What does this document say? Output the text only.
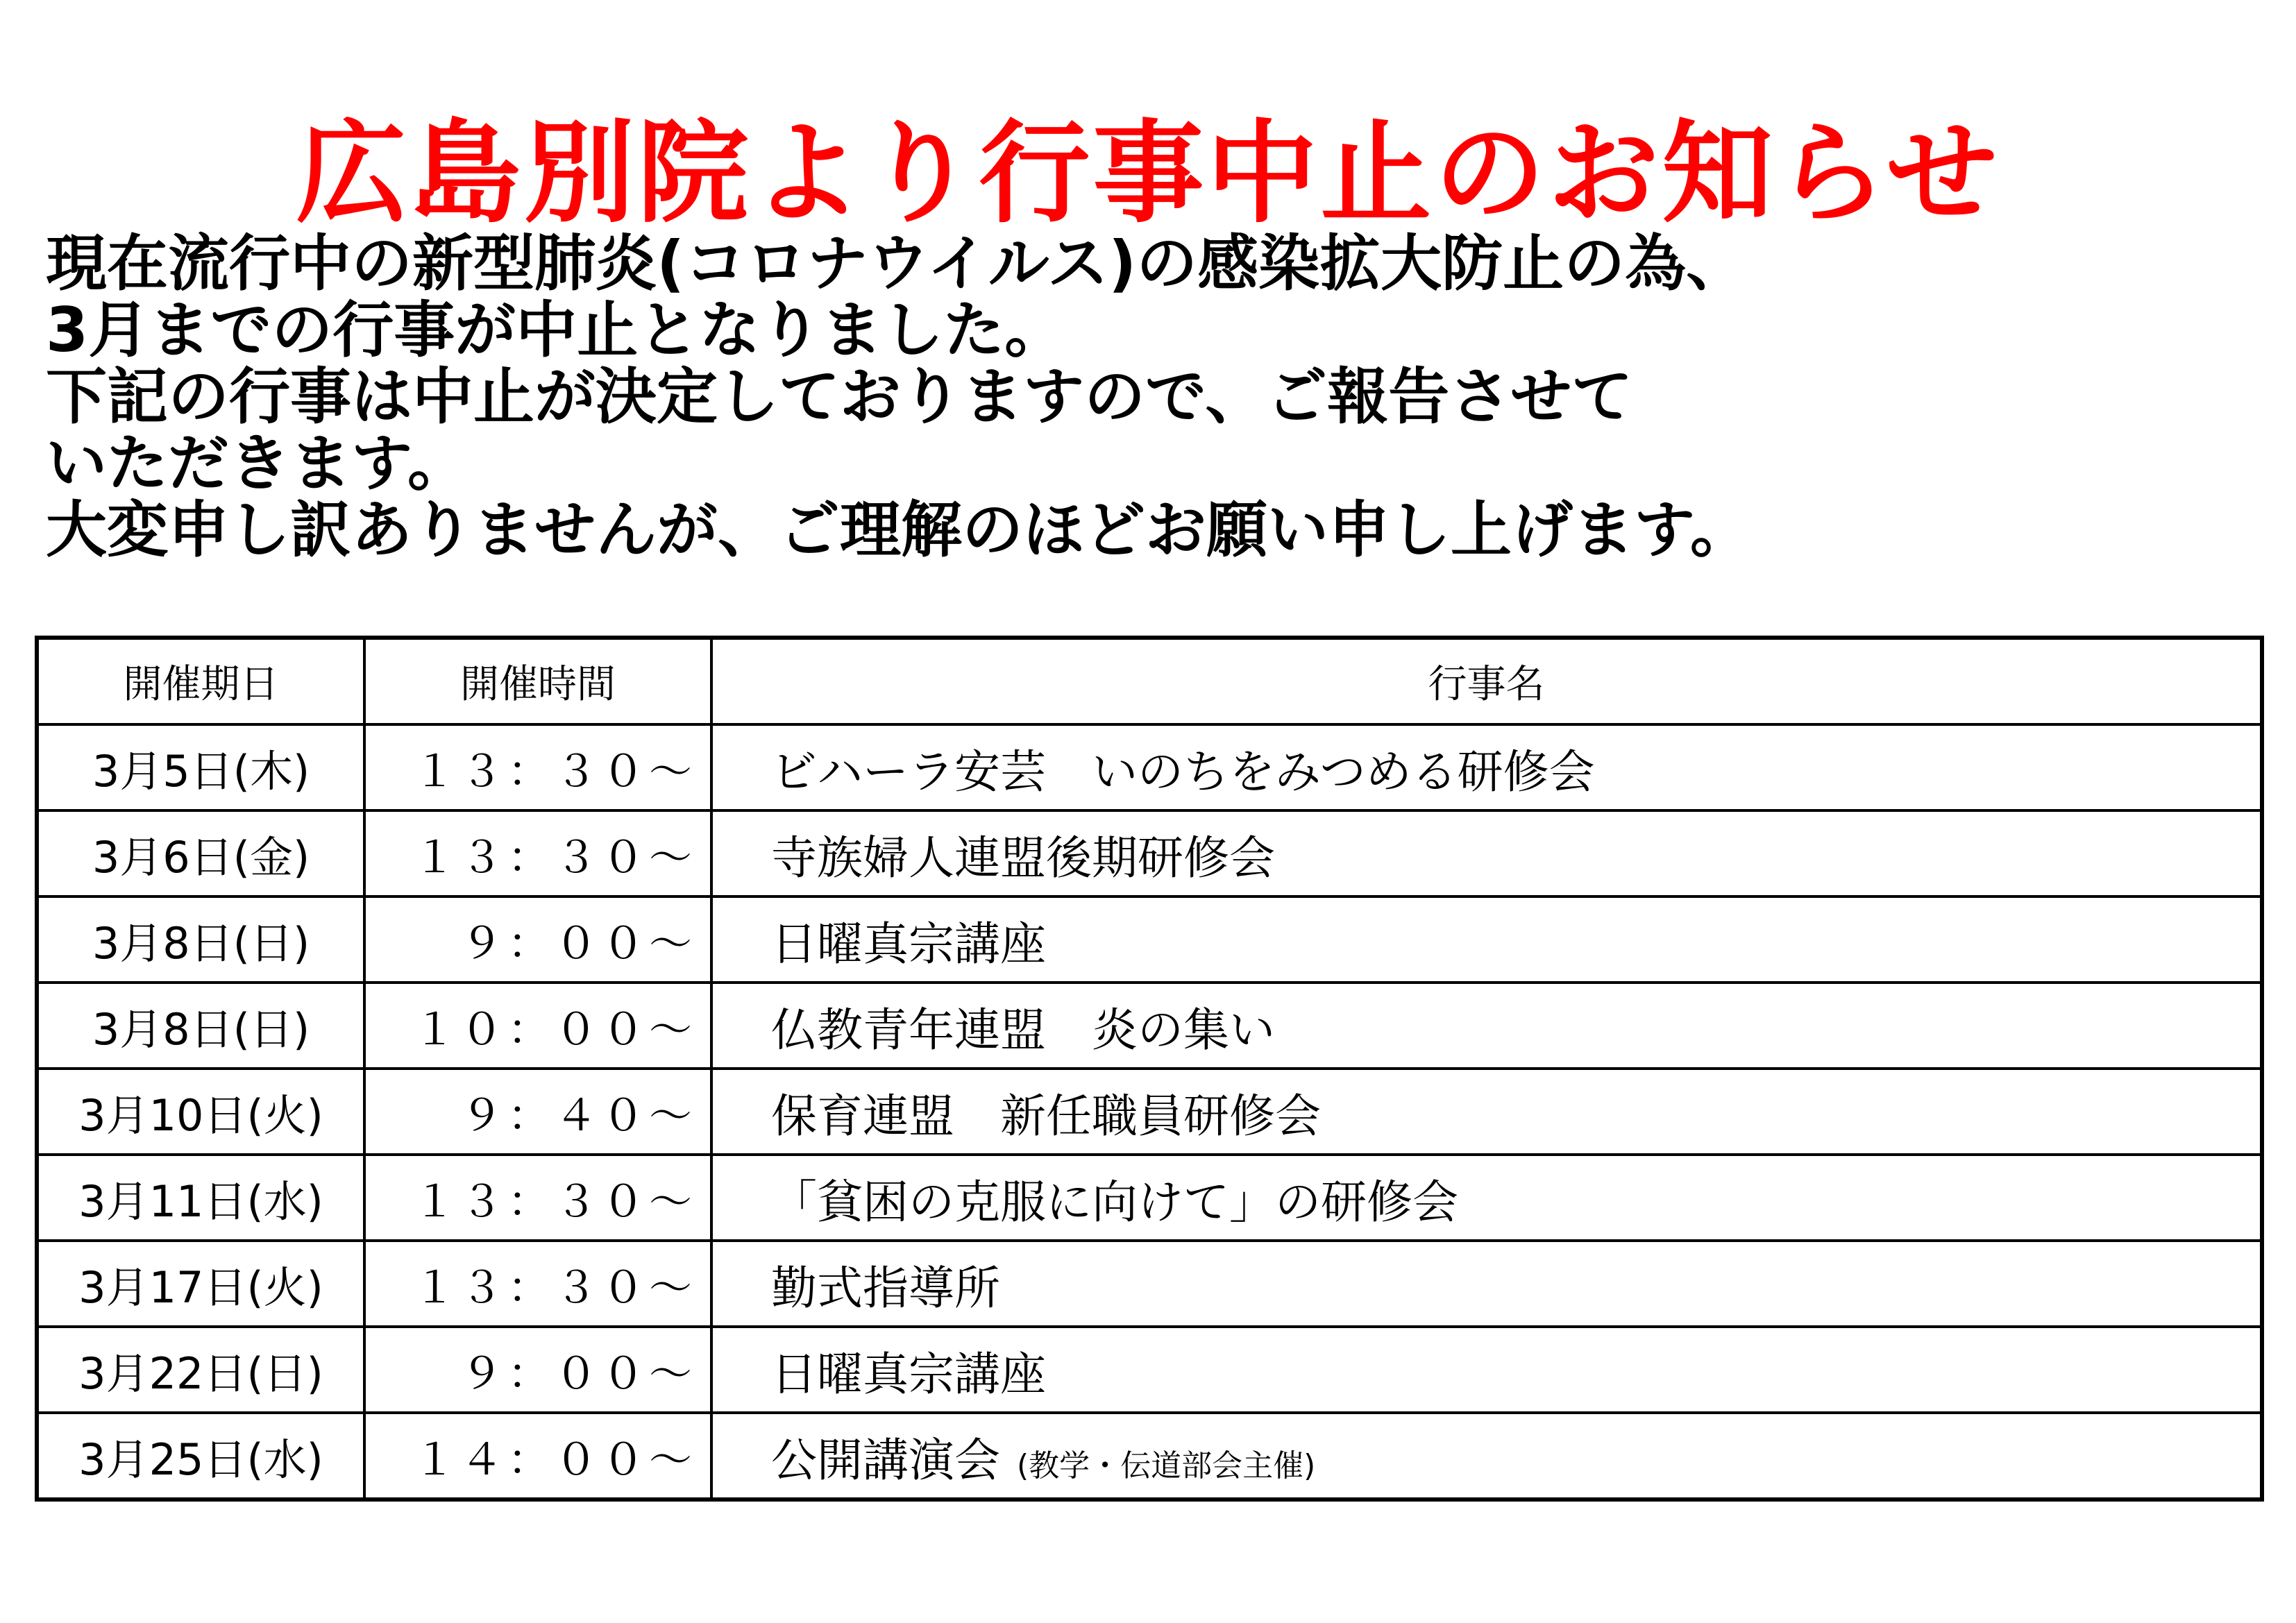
広島別院より行事中止のお知らせ
現在流行中の新型肺炎(コロナウイルス)の感染拡大防止の為、
3月までの行事が中止となりました。
下記の行事は中止が決定しておりますので、ご報告させて
いただきます。
大変申し訳ありませんが、ご理解のほどお願い申し上げます。
開催期日	開催時間	行事名
3月5日(木)	１３：３０～	ビハーラ安芸　いのちをみつめる研修会
3月6日(金)	１３：３０～	寺族婦人連盟後期研修会
3月8日(日)	９：００～	日曜真宗講座
3月8日(日)	１０：００～	仏教青年連盟　炎の集い
3月10日(火)	９：４０～	保育連盟　新任職員研修会
3月11日(水)	１３：３０～	「貧困の克服に向けて」の研修会
3月17日(火)	１３：３０～	勤式指導所
3月22日(日)	９：００～	日曜真宗講座
3月25日(水)	１４：００～	公開講演会 (教学・伝道部会主催)
